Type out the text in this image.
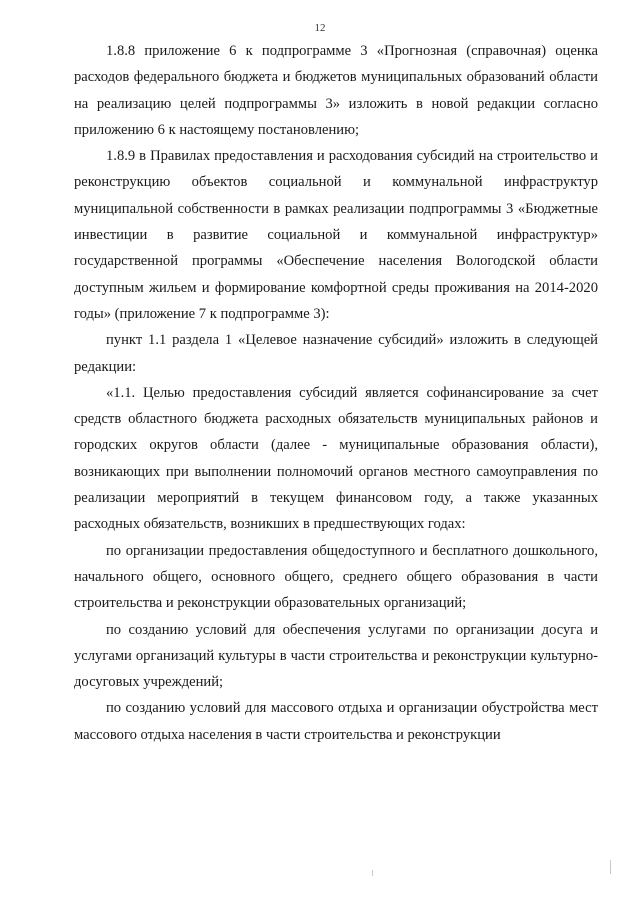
12

1.8.8 приложение 6 к подпрограмме 3 «Прогнозная (справочная) оценка расходов федерального бюджета и бюджетов муниципальных образований области на реализацию целей подпрограммы 3» изложить в новой редакции согласно приложению 6 к настоящему постановлению;

1.8.9 в Правилах предоставления и расходования субсидий на строительство и реконструкцию объектов социальной и коммунальной инфраструктур муниципальной собственности в рамках реализации подпрограммы 3 «Бюджетные инвестиции в развитие социальной и коммунальной инфраструктур» государственной программы «Обеспечение населения Вологодской области доступным жильем и формирование комфортной среды проживания на 2014-2020 годы» (приложение 7 к подпрограмме 3):

пункт 1.1 раздела 1 «Целевое назначение субсидий» изложить в следующей редакции:

«1.1. Целью предоставления субсидий является софинансирование за счет средств областного бюджета расходных обязательств муниципальных районов и городских округов области (далее - муниципальные образования области), возникающих при выполнении полномочий органов местного самоуправления по реализации мероприятий в текущем финансовом году, а также указанных расходных обязательств, возникших в предшествующих годах:

по организации предоставления общедоступного и бесплатного дошкольного, начального общего, основного общего, среднего общего образования в части строительства и реконструкции образовательных организаций;

по созданию условий для обеспечения услугами по организации досуга и услугами организаций культуры в части строительства и реконструкции культурно-досуговых учреждений;

по созданию условий для массового отдыха и организации обустройства мест массового отдыха населения в части строительства и реконструкции
